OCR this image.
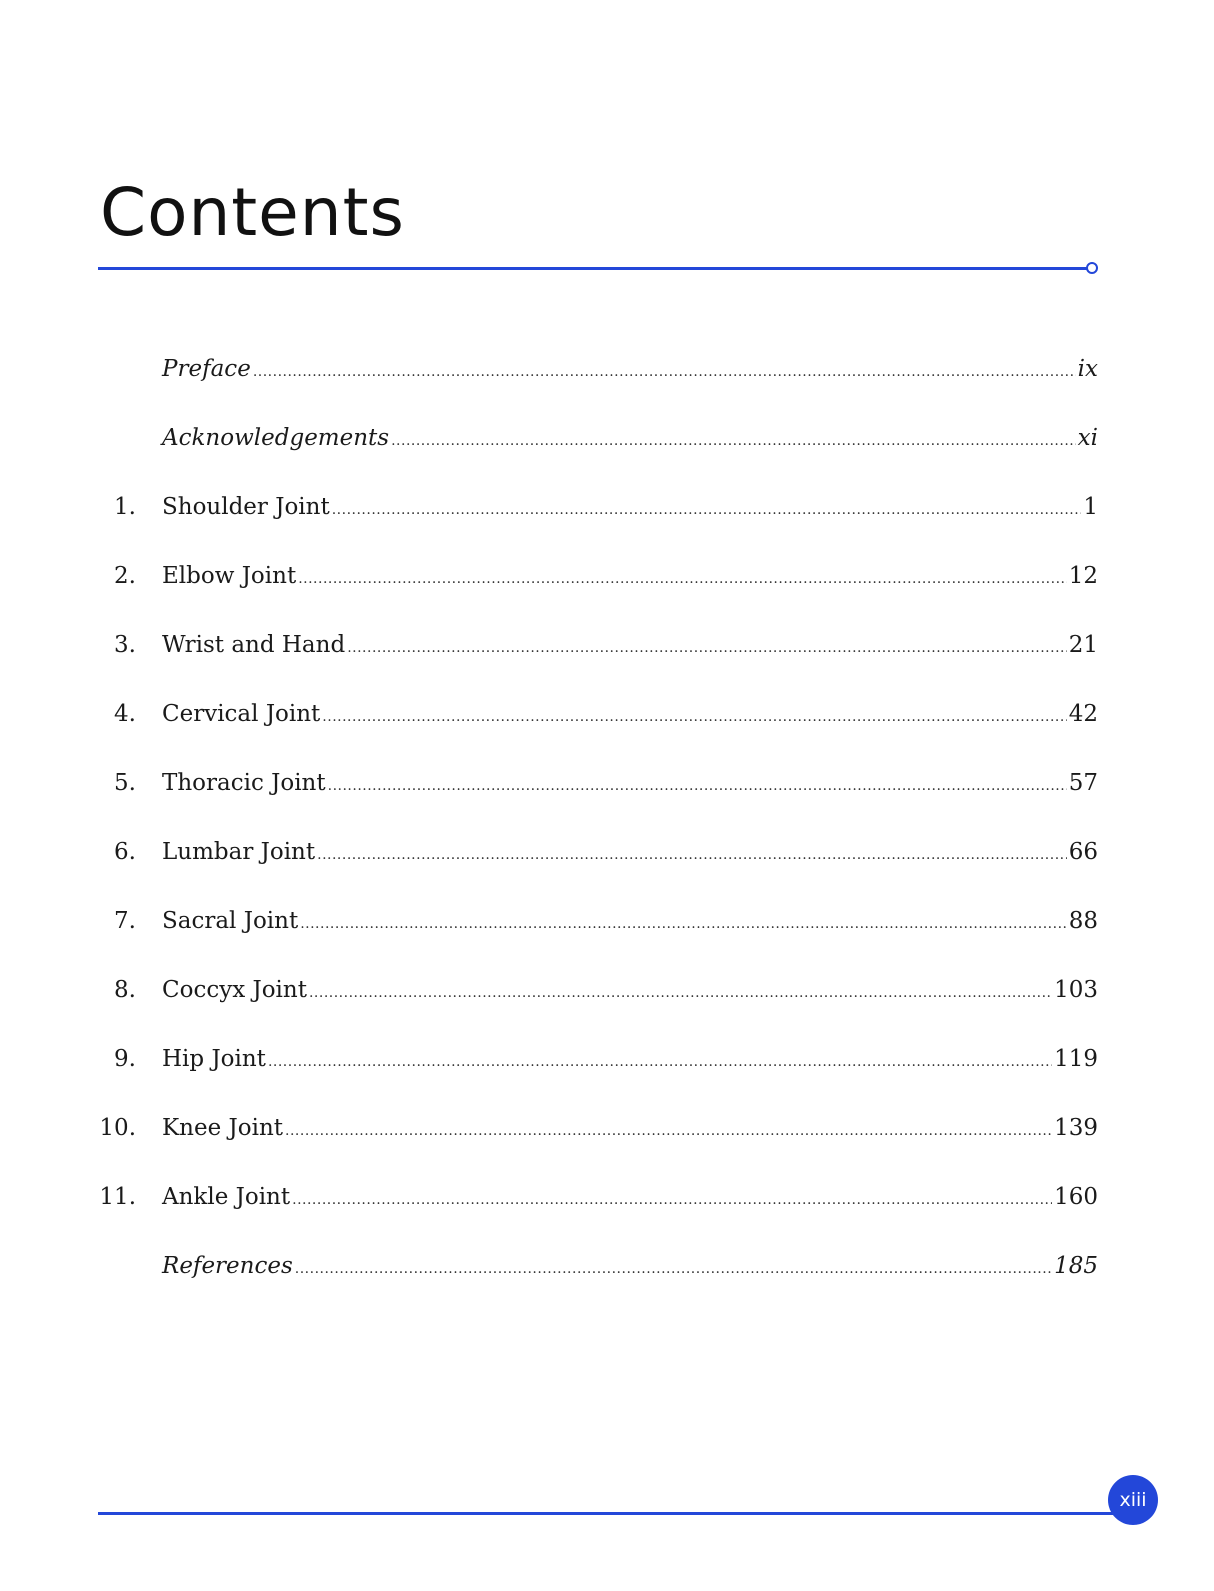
Contents
Preface .....	ix
Acknowledgements .....	xi
1. Shoulder Joint .....	1
2. Elbow Joint .....	12
3. Wrist and Hand .....	21
4. Cervical Joint .....	42
5. Thoracic Joint .....	57
6. Lumbar Joint .....	66
7. Sacral Joint .....	88
8. Coccyx Joint .....	103
9. Hip Joint .....	119
10. Knee Joint .....	139
11. Ankle Joint .....	160
References .....	185
xiii
